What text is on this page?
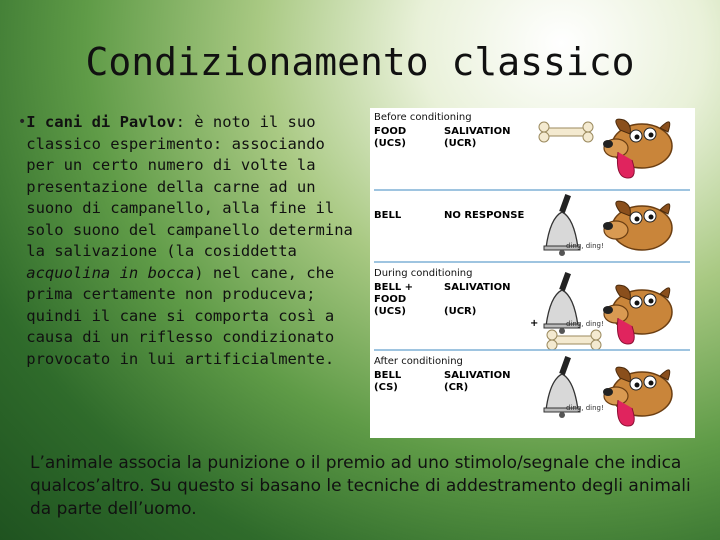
Condizionamento classico
• I cani di Pavlov: è noto il suo classico esperimento: associando per un certo numero di volte la presentazione della carne ad un suono di campanello, alla fine il solo suono del campanello determina la salivazione (la cosiddetta acquolina in bocca) nel cane, che prima certamente non produceva; quindi il cane si comporta così a causa di un riflesso condizionato provocato in lui artificialmente.

Before conditioning
FOOD
(UCS)
SALIVATION
(UCR)
BELL	NO RESPONSE
ding, ding!
During conditioning
BELL +
FOOD
(UCS)
SALIVATION
(UCR)
ding, ding!
+
After conditioning
BELL
(CS)
SALIVATION
(CR)
ding, ding!

L’animale associa la punizione o il premio ad uno stimolo/segnale che indica qualcos’altro. Su questo si basano le tecniche di addestramento degli animali da parte dell’uomo.
